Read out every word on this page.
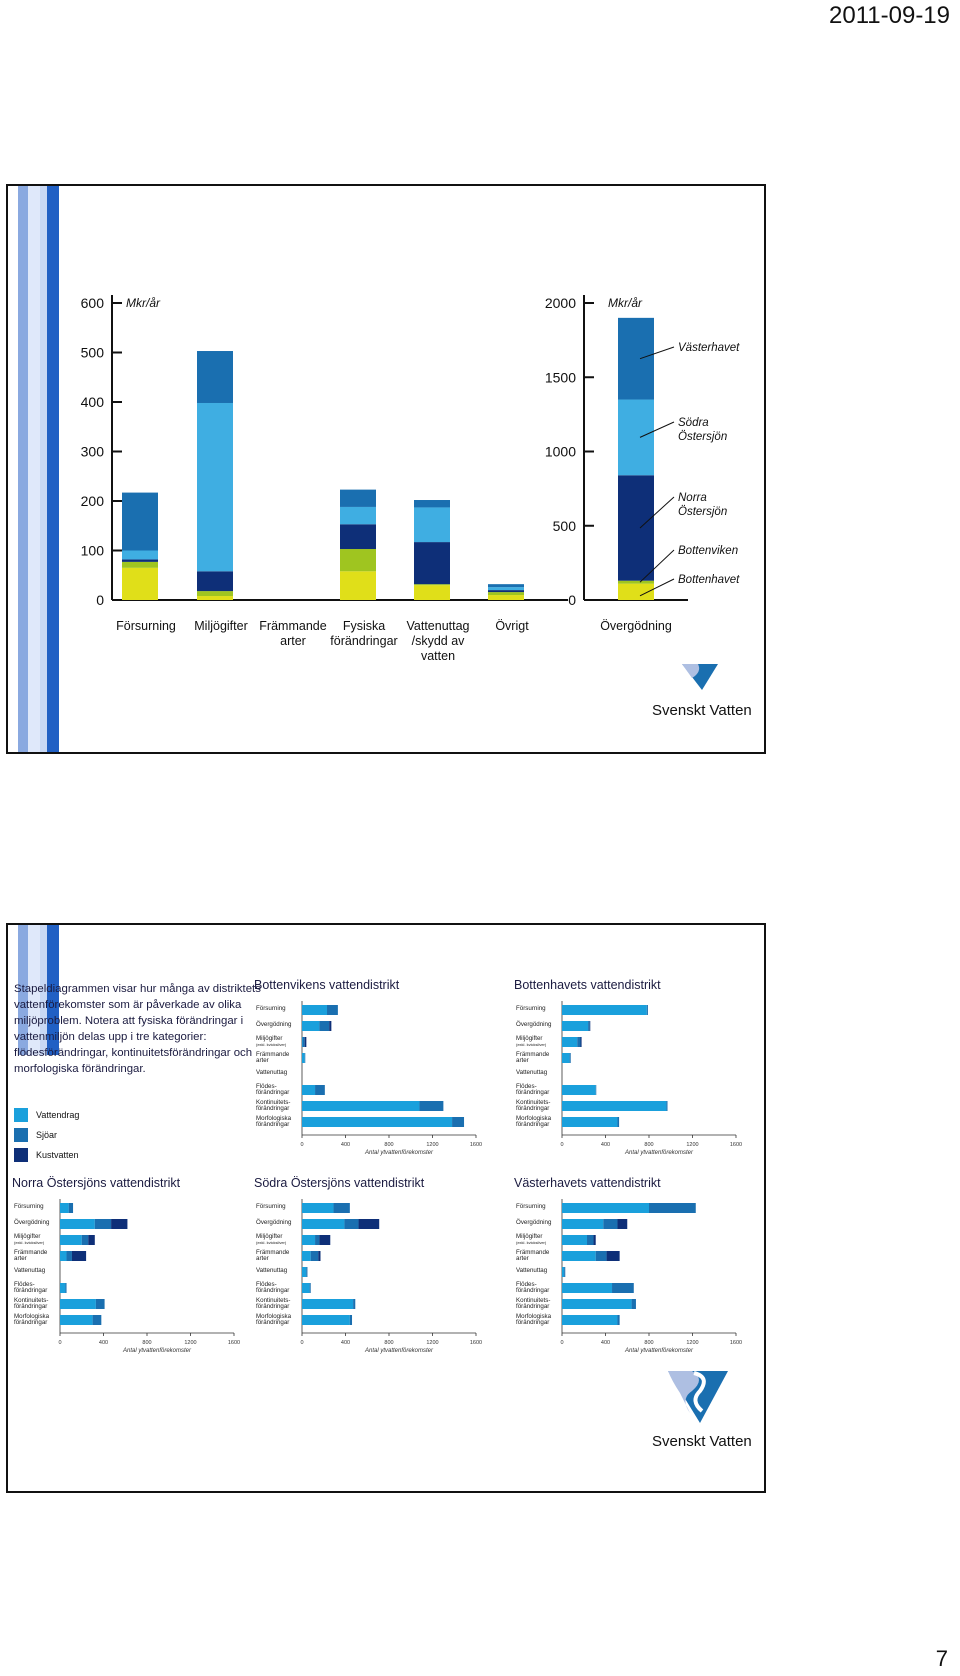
2011-09-19
0
100
200
300
400
500
600 Mkr/år
Försurning Miljögifter Främmande
arter
Fysiska
förändringar
Vattenuttag
/skydd av
vatten
Övrigt
0
500
1000
1500
2000	Mkr/år
Övergödning
Västerhavet
Södra
Östersjön
Norra
Östersjön
Bottenviken
Bottenhavet
Svenskt Vatten
Stapeldiagrammen visar hur många av distriktets vattenförekomster som är påverkade av olika miljöproblem. Notera att fysiska förändringar i vattenmiljön delas upp i tre kategorier: flödesförändringar, kontinuitetsförändringar och morfologiska förändringar.
Vattendrag
Sjöar
Kustvatten
Bottenvikens vattendistrikt
0	400	800	1200	1600
Antal ytvattenförekomster
Försurning
Övergödning
Miljögifter
(exkl. kvicksilver)
Främmande
arter
Vattenuttag
Flödes-
förändringar
Kontinuitets-
förändringar
Morfologiska
förändringar
Bottenhavets vattendistrikt
0	400	800	1200	1600
Antal ytvattenförekomster
Försurning
Övergödning
Miljögifter
(exkl. kvicksilver)
Främmande
arter
Vattenuttag
Flödes-
förändringar
Kontinuitets-
förändringar
Morfologiska
förändringar
Norra Östersjöns vattendistrikt
0	400	800	1200	1600
Antal ytvattenförekomster
Försurning
Övergödning
Miljögifter
(exkl. kvicksilver)
Främmande
arter
Vattenuttag
Flödes-
förändringar
Kontinuitets-
förändringar
Morfologiska
förändringar
Södra Östersjöns vattendistrikt
0	400	800	1200	1600
Antal ytvattenförekomster
Försurning
Övergödning
Miljögifter
(exkl. kvicksilver)
Främmande
arter
Vattenuttag
Flödes-
förändringar
Kontinuitets-
förändringar
Morfologiska
förändringar
Västerhavets vattendistrikt
0	400	800	1200	1600
Antal ytvattenförekomster
Försurning
Övergödning
Miljögifter
(exkl. kvicksilver)
Främmande
arter
Vattenuttag
Flödes-
förändringar
Kontinuitets-
förändringar
Morfologiska
förändringar
Svenskt Vatten
7
